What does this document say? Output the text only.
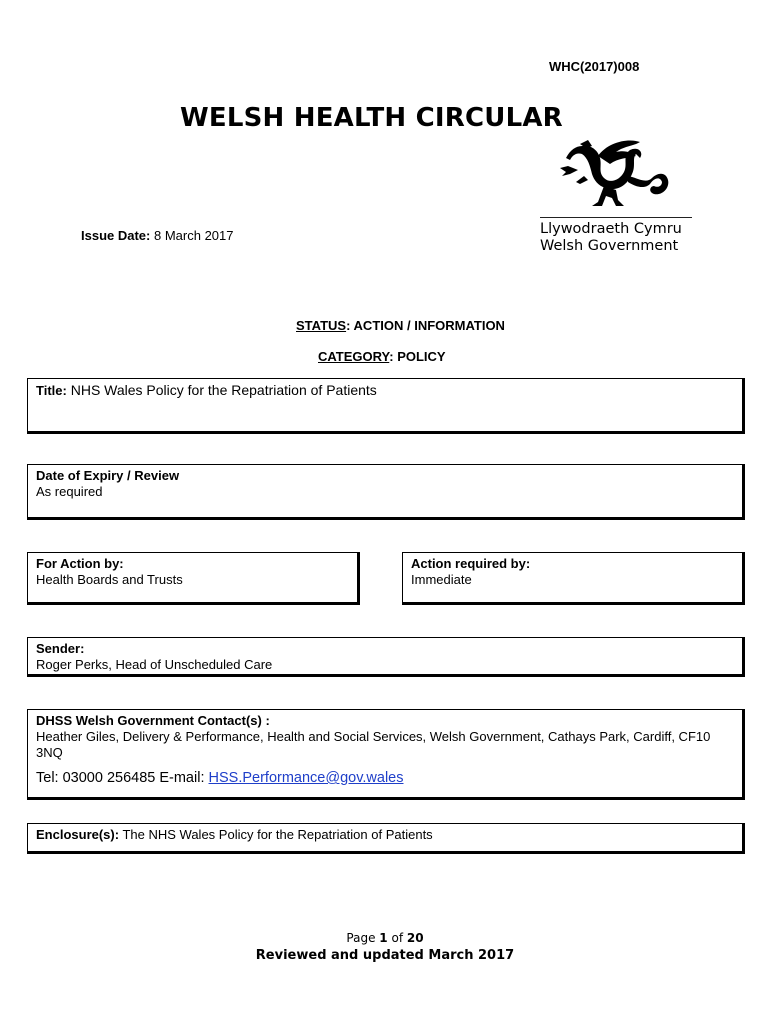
WHC(2017)008
WELSH HEALTH CIRCULAR
Llywodraeth Cymru
Welsh Government
Issue Date: 8 March 2017
STATUS: ACTION / INFORMATION
CATEGORY: POLICY
Title: NHS Wales Policy for the Repatriation of Patients
Date of Expiry / Review
As required
For Action by:
Health Boards and Trusts
Action required by:
Immediate
Sender:
Roger Perks, Head of Unscheduled Care
DHSS Welsh Government Contact(s) :
Heather Giles, Delivery & Performance, Health and Social Services, Welsh Government, Cathays Park, Cardiff, CF10 3NQ
Tel: 03000 256485 E-mail: HSS.Performance@gov.wales
Enclosure(s): The NHS Wales Policy for the Repatriation of Patients
Page 1 of 20
Reviewed and updated March 2017
